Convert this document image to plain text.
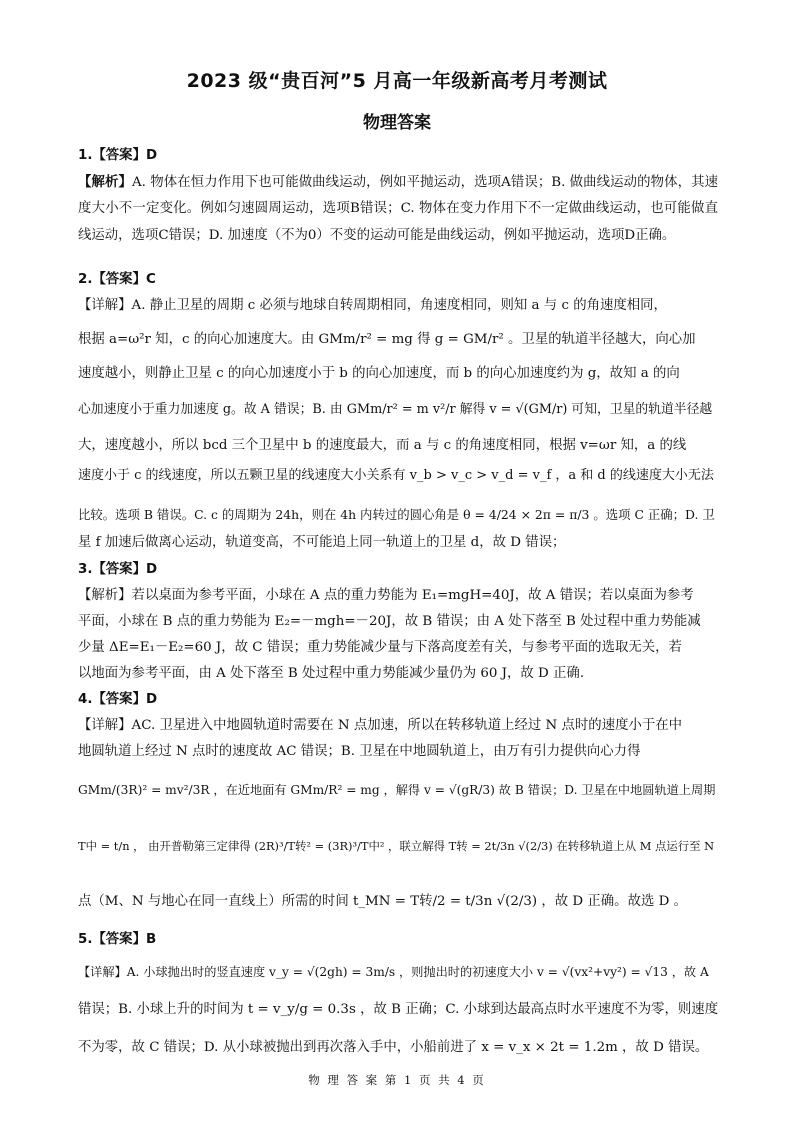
2023 级“贵百河”5 月高一年级新高考月考测试
物理答案
1.【答案】D

【解析】A. 物体在恒力作用下也可能做曲线运动，例如平抛运动，选项A错误；B. 做曲线运动的物体，其速度大小不一定变化。例如匀速圆周运动，选项B错误；C. 物体在变力作用下不一定做曲线运动，也可能做直线运动，选项C错误；D. 加速度（不为0）不变的运动可能是曲线运动，例如平抛运动，选项D正确。

2.【答案】C
【详解】A. 静止卫星的周期 c 必须与地球自转周期相同，角速度相同，则知 a 与 c 的角速度相同，
根据 a=ω²r 知，c 的向心加速度大。由 GMm/r² = mg 得 g = GM/r² 。卫星的轨道半径越大，向心加
速度越小，则静止卫星 c 的向心加速度小于 b 的向心加速度，而 b 的向心加速度约为 g，故知 a 的向
心加速度小于重力加速度 g。故 A 错误；B. 由 GMm/r² = m v²/r 解得 v = √(GM/r) 可知，卫星的轨道半径越
大，速度越小，所以 bcd 三个卫星中 b 的速度最大，而 a 与 c 的角速度相同，根据 v=ωr 知，a 的线
速度小于 c 的线速度，所以五颗卫星的线速度大小关系有 v_b > v_c > v_d = v_f ，a 和 d 的线速度大小无法
比较。选项 B 错误。C. c 的周期为 24h，则在 4h 内转过的圆心角是 θ = 4/24 × 2π = π/3 。选项 C 正确；D. 卫
星 f 加速后做离心运动，轨道变高，不可能追上同一轨道上的卫星 d，故 D 错误；
3.【答案】D
【解析】若以桌面为参考平面，小球在 A 点的重力势能为 E₁=mgH=40J，故 A 错误；若以桌面为参考
平面，小球在 B 点的重力势能为 E₂=－mgh=－20J，故 B 错误；由 A 处下落至 B 处过程中重力势能减
少量 ΔE=E₁－E₂=60 J，故 C 错误；重力势能减少量与下落高度差有关，与参考平面的选取无关，若
以地面为参考平面，由 A 处下落至 B 处过程中重力势能减少量仍为 60 J，故 D 正确.
4.【答案】D
【详解】AC. 卫星进入中地圆轨道时需要在 N 点加速，所以在转移轨道上经过 N 点时的速度小于在中
地圆轨道上经过 N 点时的速度故 AC 错误；B. 卫星在中地圆轨道上，由万有引力提供向心力得
GMm/(3R)² = mv²/3R ，在近地面有 GMm/R² = mg ，解得 v = √(gR/3) 故 B 错误；D. 卫星在中地圆轨道上周期
T中 = t/n ， 由开普勒第三定律得 (2R)³/T转² = (3R)³/T中² ，联立解得 T转 = 2t/3n √(2/3) 在转移轨道上从 M 点运行至 N
点（M、N 与地心在同一直线上）所需的时间 t_MN = T转/2 = t/3n √(2/3) ，故 D 正确。故选 D 。
5.【答案】B
【详解】A. 小球抛出时的竖直速度 v_y = √(2gh) = 3m/s ，则抛出时的初速度大小 v = √(vx²+vy²) = √13 ，故 A
错误；B. 小球上升的时间为 t = v_y/g = 0.3s ，故 B 正确；C. 小球到达最高点时水平速度不为零，则速度
不为零，故 C 错误；D. 从小球被抛出到再次落入手中，小船前进了 x = v_x × 2t = 1.2m ，故 D 错误。
物 理 答 案 第 1 页 共 4 页
